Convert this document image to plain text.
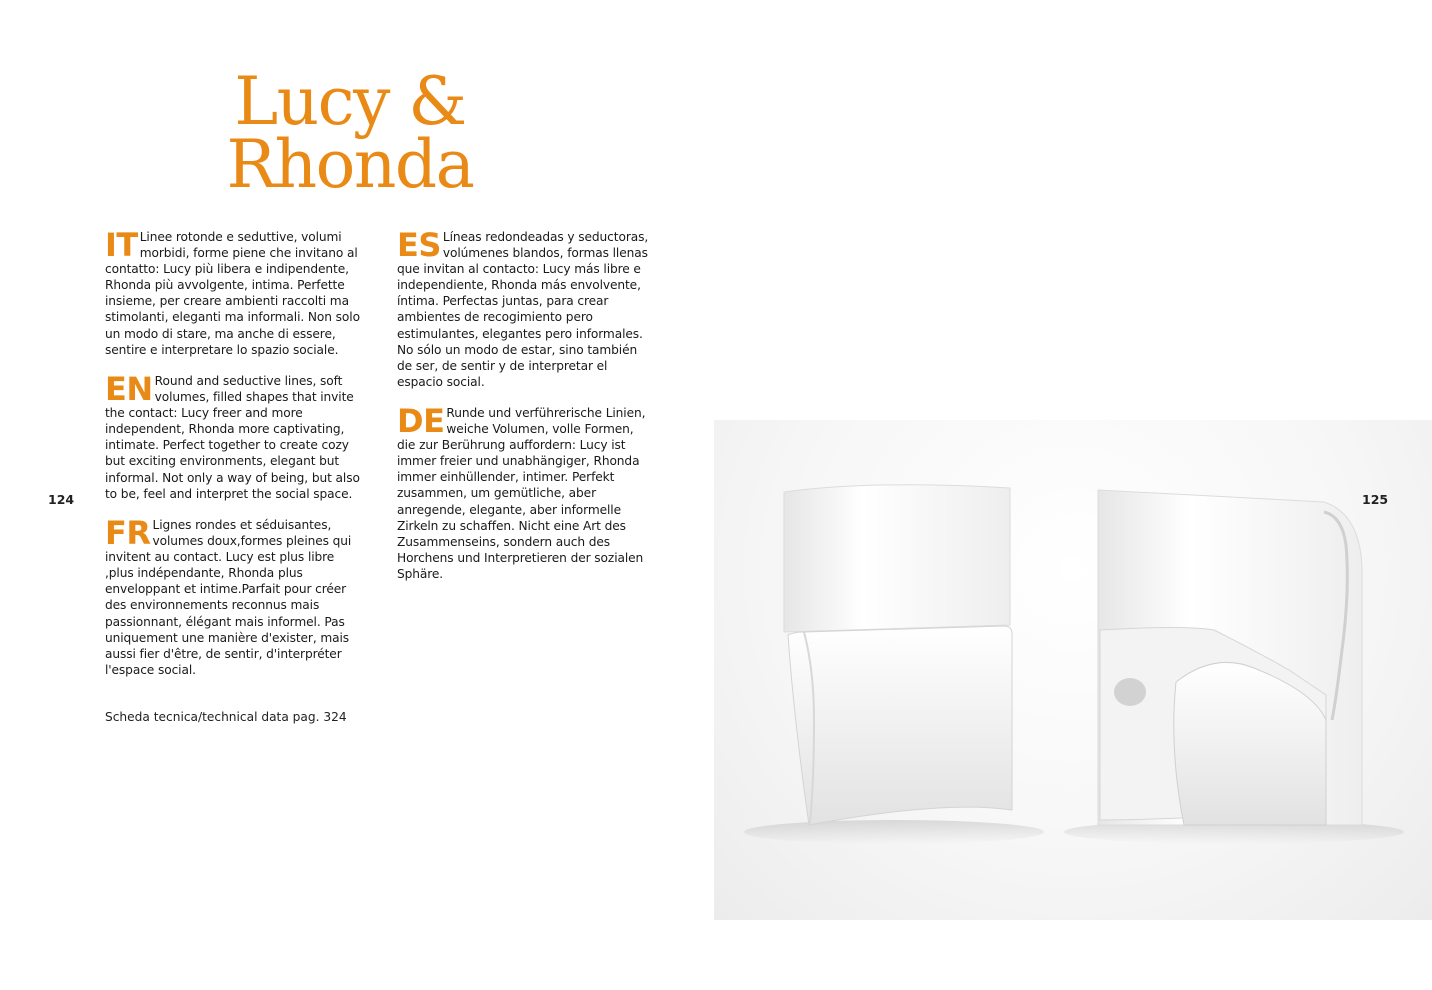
Lucy &
Rhonda
IT Linee rotonde e seduttive, volumi morbidi, forme piene che invitano al contatto: Lucy più libera e indipendente, Rhonda più avvolgente, intima. Perfette insieme, per creare ambienti raccolti ma stimolanti, eleganti ma informali. Non solo un modo di stare, ma anche di essere, sentire e interpretare lo spazio sociale.

EN Round and seductive lines, soft volumes, filled shapes that invite the contact: Lucy freer and more independent, Rhonda more captivating, intimate. Perfect together to create cozy but exciting environments, elegant but informal. Not only a way of being, but also to be, feel and interpret the social space.

FR Lignes rondes et séduisantes, volumes doux,formes pleines qui invitent au contact. Lucy est plus libre ,plus indépendante, Rhonda plus enveloppant et intime.Parfait pour créer des environnements reconnus mais passionnant, élégant mais informel. Pas uniquement une manière d'exister, mais aussi fier d'être, de sentir, d'interpréter l'espace social.

ES Líneas redondeadas y seductoras, volúmenes blandos, formas llenas que invitan al contacto: Lucy más libre e independiente, Rhonda más envolvente, íntima. Perfectas juntas, para crear ambientes de recogimiento pero estimulantes, elegantes pero informales. No sólo un modo de estar, sino también de ser, de sentir y de interpretar el espacio social.

DE Runde und verführerische Linien, weiche Volumen, volle Formen, die zur Berührung auffordern: Lucy ist immer freier und unabhängiger, Rhonda immer einhüllender, intimer. Perfekt zusammen, um gemütliche, aber anregende, elegante, aber informelle Zirkeln zu schaffen. Nicht eine Art des Zusammenseins, sondern auch des Horchens und Interpretieren der sozialen Sphäre.

Scheda tecnica/technical data pag. 324
124	125
